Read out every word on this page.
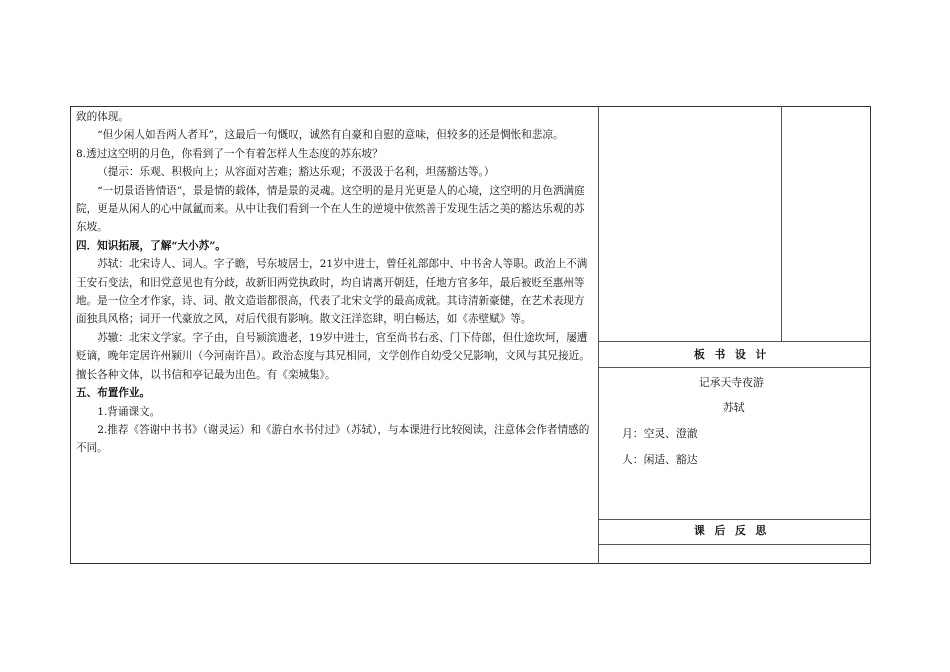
致的体现。

“但少闲人如吾两人者耳”，这最后一句慨叹，诚然有自豪和自慰的意味，但较多的还是惆怅和悲凉。

8.透过这空明的月色，你看到了一个有着怎样人生态度的苏东坡？

（提示：乐观、积极向上；从容面对苦难；豁达乐观；不汲汲于名利，坦荡豁达等。）

“一切景语皆情语”，景是情的载体，情是景的灵魂。这空明的是月光更是人的心境，这空明的月色洒满庭院，更是从闲人的心中氤氲而来。从中让我们看到一个在人生的逆境中依然善于发现生活之美的豁达乐观的苏东坡。

四．知识拓展，了解“大小苏”。

苏轼：北宋诗人、词人。字子瞻，号东坡居士，21岁中进士，曾任礼部郎中、中书舍人等职。政治上不满王安石变法，和旧党意见也有分歧，故新旧两党执政时，均自请离开朝廷，任地方官多年，最后被贬至惠州等地。是一位全才作家，诗、词、散文造诣都很高，代表了北宋文学的最高成就。其诗清新豪健，在艺术表现方面独具风格；词开一代豪放之风，对后代很有影响。散文汪洋恣肆，明白畅达，如《赤壁赋》等。

苏辙：北宋文学家。字子由，自号颍滨遗老，19岁中进士，官至尚书右丞、门下侍郎，但仕途坎坷，屡遭贬谪，晚年定居许州颍川（今河南许昌）。政治态度与其兄相同，文学创作自幼受父兄影响，文风与其兄接近。擅长各种文体，以书信和亭记最为出色。有《栾城集》。

五、布置作业。

1.背诵课文。

2.推荐《答谢中书书》（谢灵运）和《游白水书付过》（苏轼），与本课进行比较阅读，注意体会作者情感的不同。

板书设计
记承天寺夜游
苏轼
月：空灵、澄澈
人：闲适、豁达
课后反思
